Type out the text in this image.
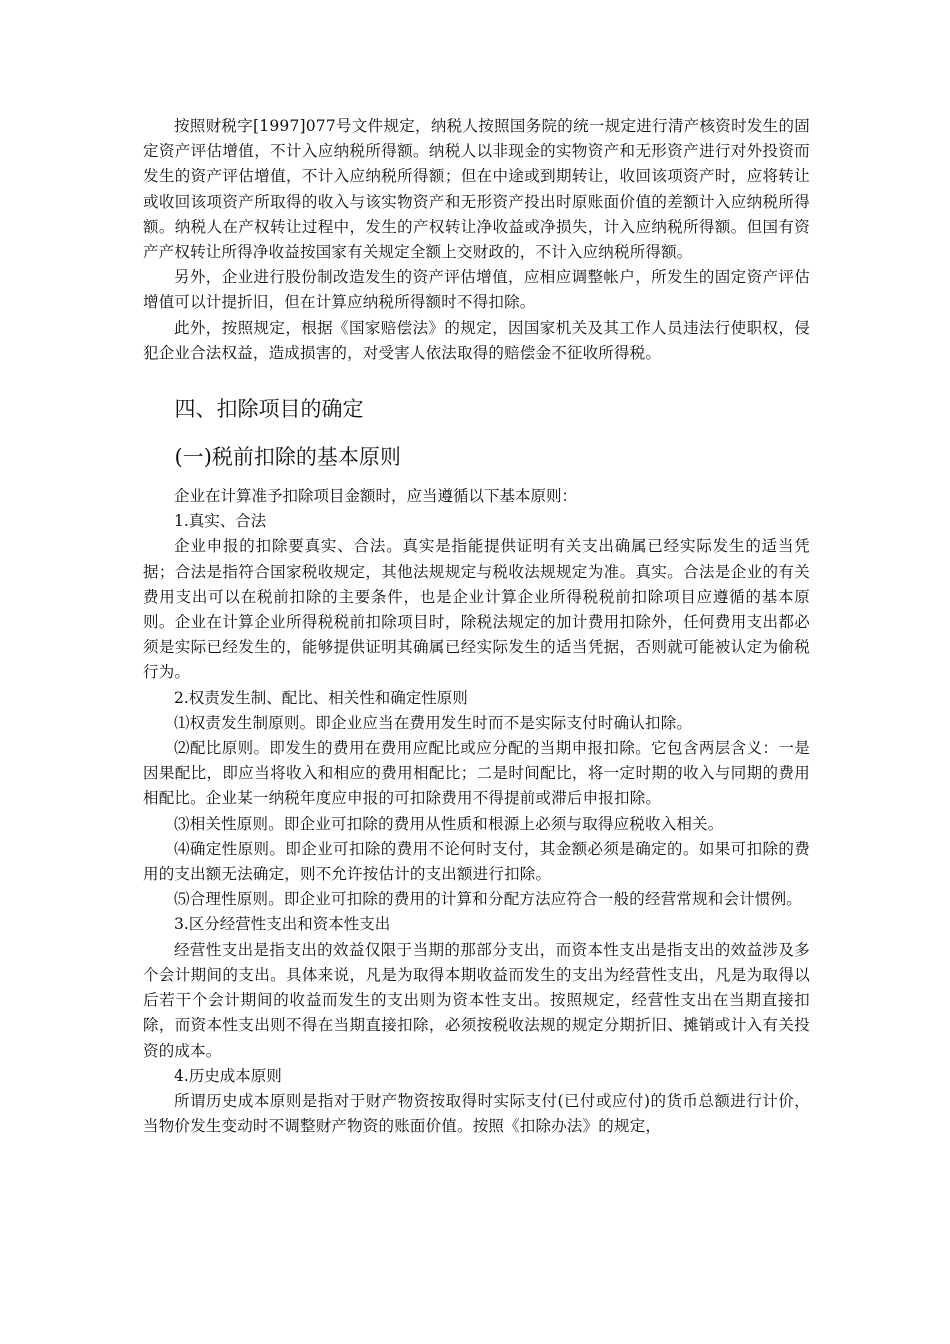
按照财税字[1997]077号文件规定，纳税人按照国务院的统一规定进行清产核资时发生的固定资产评估增值，不计入应纳税所得额。纳税人以非现金的实物资产和无形资产进行对外投资而发生的资产评估增值，不计入应纳税所得额；但在中途或到期转让，收回该项资产时，应将转让或收回该项资产所取得的收入与该实物资产和无形资产投出时原账面价值的差额计入应纳税所得额。纳税人在产权转让过程中，发生的产权转让净收益或净损失，计入应纳税所得额。但国有资产产权转让所得净收益按国家有关规定全额上交财政的，不计入应纳税所得额。

另外，企业进行股份制改造发生的资产评估增值，应相应调整帐户，所发生的固定资产评估增值可以计提折旧，但在计算应纳税所得额时不得扣除。

此外，按照规定，根据《国家赔偿法》的规定，因国家机关及其工作人员违法行使职权，侵犯企业合法权益，造成损害的，对受害人依法取得的赔偿金不征收所得税。

四、扣除项目的确定
(一)税前扣除的基本原则

企业在计算准予扣除项目金额时，应当遵循以下基本原则：

1.真实、合法

企业申报的扣除要真实、合法。真实是指能提供证明有关支出确属已经实际发生的适当凭据；合法是指符合国家税收规定，其他法规规定与税收法规规定为准。真实。合法是企业的有关费用支出可以在税前扣除的主要条件，也是企业计算企业所得税税前扣除项目应遵循的基本原则。企业在计算企业所得税税前扣除项目时，除税法规定的加计费用扣除外，任何费用支出都必须是实际已经发生的，能够提供证明其确属已经实际发生的适当凭据，否则就可能被认定为偷税行为。

2.权责发生制、配比、相关性和确定性原则

⑴权责发生制原则。即企业应当在费用发生时而不是实际支付时确认扣除。

⑵配比原则。即发生的费用在费用应配比或应分配的当期申报扣除。它包含两层含义：一是因果配比，即应当将收入和相应的费用相配比；二是时间配比，将一定时期的收入与同期的费用相配比。企业某一纳税年度应申报的可扣除费用不得提前或滞后申报扣除。

⑶相关性原则。即企业可扣除的费用从性质和根源上必须与取得应税收入相关。

⑷确定性原则。即企业可扣除的费用不论何时支付，其金额必须是确定的。如果可扣除的费用的支出额无法确定，则不允许按估计的支出额进行扣除。

⑸合理性原则。即企业可扣除的费用的计算和分配方法应符合一般的经营常规和会计惯例。

3.区分经营性支出和资本性支出

经营性支出是指支出的效益仅限于当期的那部分支出，而资本性支出是指支出的效益涉及多个会计期间的支出。具体来说，凡是为取得本期收益而发生的支出为经营性支出，凡是为取得以后若干个会计期间的收益而发生的支出则为资本性支出。按照规定，经营性支出在当期直接扣除，而资本性支出则不得在当期直接扣除，必须按税收法规的规定分期折旧、摊销或计入有关投资的成本。

4.历史成本原则

所谓历史成本原则是指对于财产物资按取得时实际支付(已付或应付)的货币总额进行计价，当物价发生变动时不调整财产物资的账面价值。按照《扣除办法》的规定，
